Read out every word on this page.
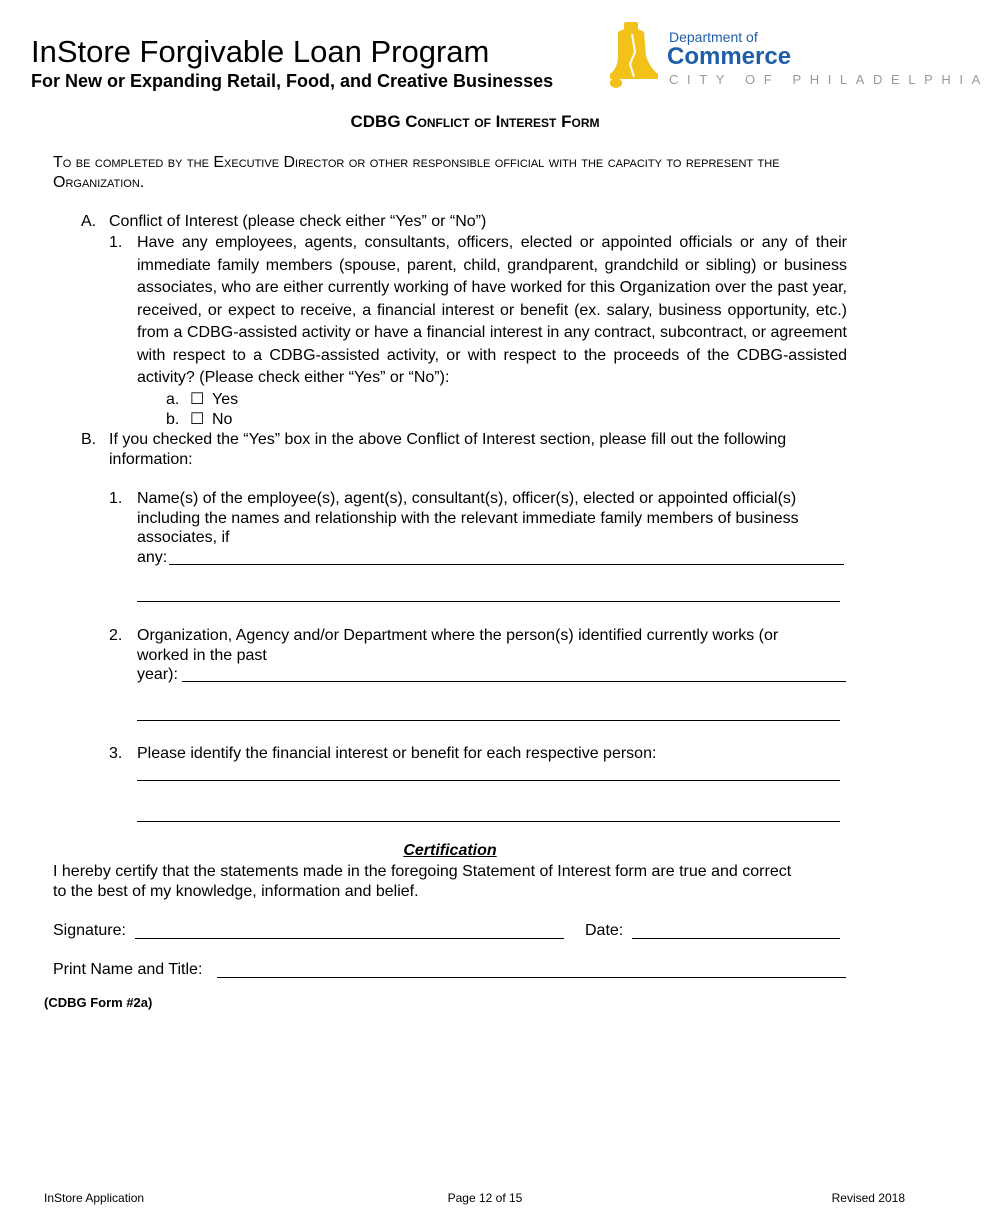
InStore Forgivable Loan Program
For New or Expanding Retail, Food, and Creative Businesses
Department of
Commerce
CITY OF PHILADELPHIA
CDBG Conflict of Interest Form
To be completed by the Executive Director or other responsible official with the capacity to represent the Organization.
A. Conflict of Interest (please check either “Yes” or “No”)
1. Have any employees, agents, consultants, officers, elected or appointed officials or any of their immediate family members (spouse, parent, child, grandparent, grandchild or sibling) or business associates, who are either currently working of have worked for this Organization over the past year, received, or expect to receive, a financial interest or benefit (ex. salary, business opportunity, etc.) from a CDBG-assisted activity or have a financial interest in any contract, subcontract, or agreement with respect to a CDBG-assisted activity, or with respect to the proceeds of the CDBG-assisted activity? (Please check either “Yes” or “No”):
a. ☐ Yes
b. ☐ No
B. If you checked the “Yes” box in the above Conflict of Interest section, please fill out the following
information:
1. Name(s) of the employee(s), agent(s), consultant(s), officer(s), elected or appointed official(s)
including the names and relationship with the relevant immediate family members of business
associates, if
any:
2. Organization, Agency and/or Department where the person(s) identified currently works (or
worked in the past
year):
3. Please identify the financial interest or benefit for each respective person:
Certification
I hereby certify that the statements made in the foregoing Statement of Interest form are true and correct
to the best of my knowledge, information and belief.
Signature:	Date:
Print Name and Title:
(CDBG Form #2a)
InStore Application	Page 12 of 15	Revised 2018
